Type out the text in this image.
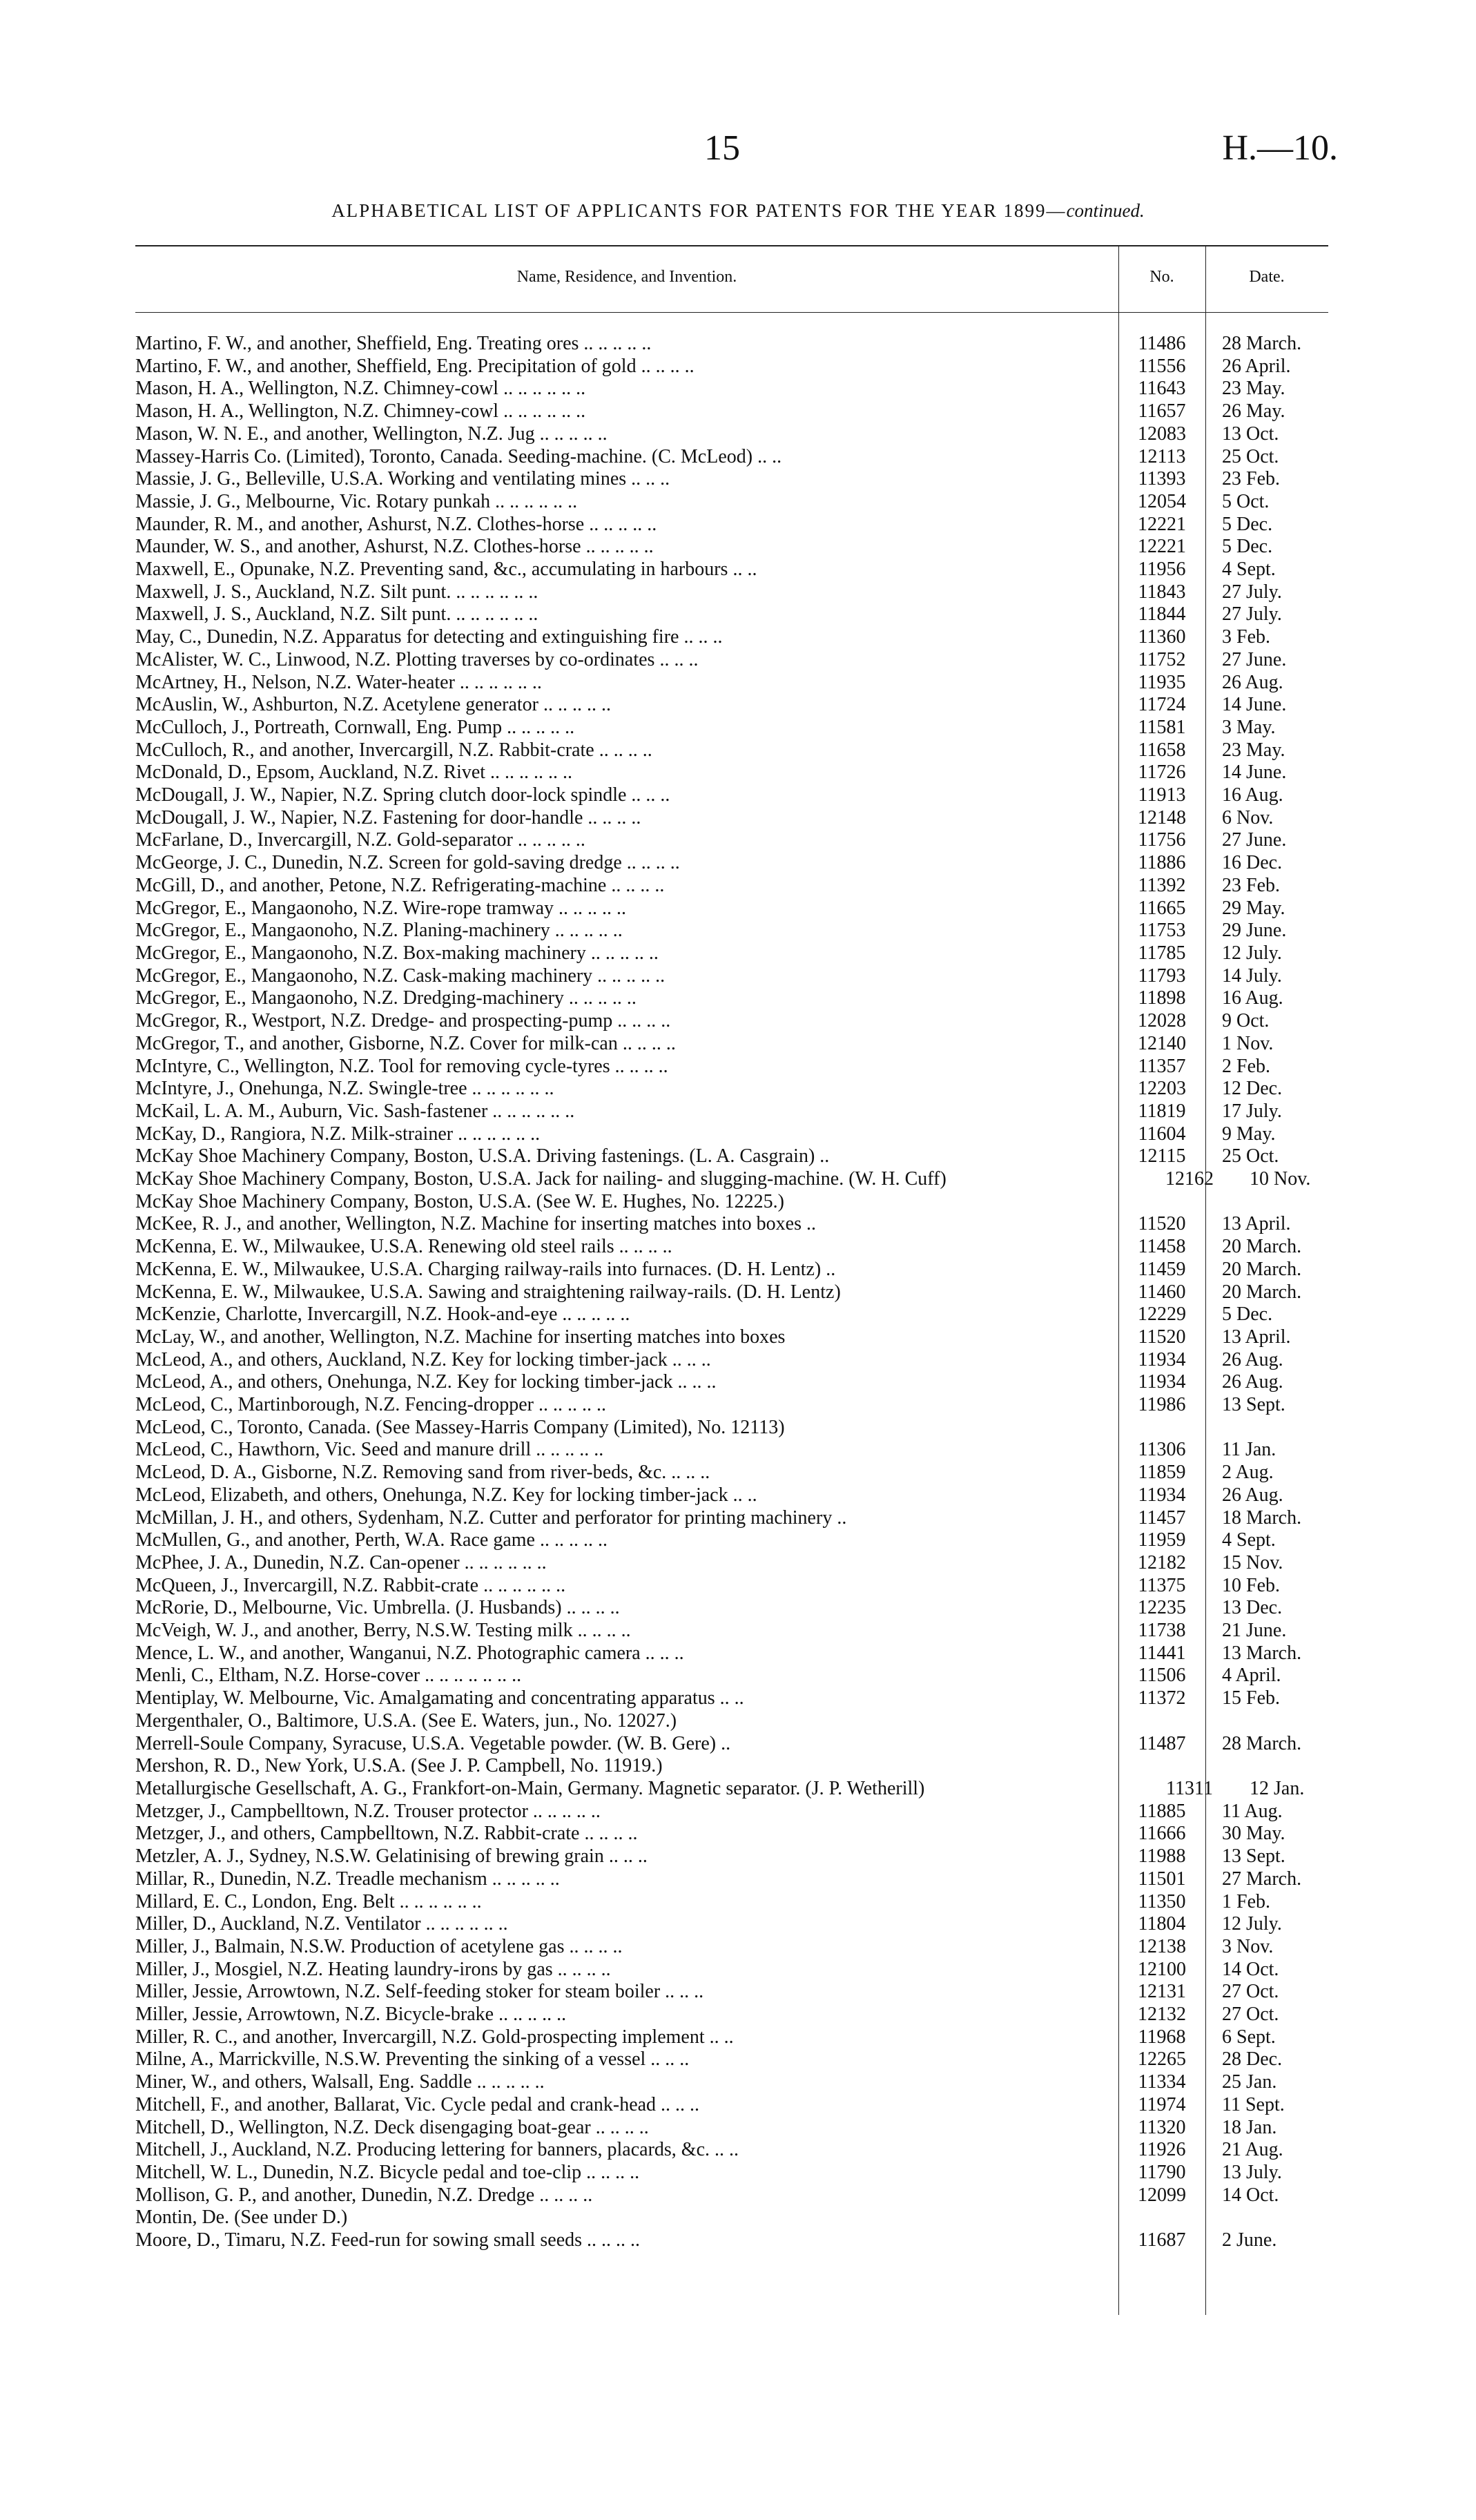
15	H.—10.
ALPHABETICAL LIST OF APPLICANTS FOR PATENTS FOR THE YEAR 1899—continued.
Name, Residence, and Invention.	No.	Date.
Martino, F. W., and another, Sheffield, Eng. Treating ores .. .. .. .. ..	11486	28 March.
Martino, F. W., and another, Sheffield, Eng. Precipitation of gold .. .. .. ..	11556	26 April.
Mason, H. A., Wellington, N.Z. Chimney-cowl .. .. .. .. .. ..	11643	23 May.
Mason, H. A., Wellington, N.Z. Chimney-cowl .. .. .. .. .. ..	11657	26 May.
Mason, W. N. E., and another, Wellington, N.Z. Jug .. .. .. .. ..	12083	13 Oct.
Massey-Harris Co. (Limited), Toronto, Canada. Seeding-machine. (C. McLeod) .. ..	12113	25 Oct.
Massie, J. G., Belleville, U.S.A. Working and ventilating mines .. .. ..	11393	23 Feb.
Massie, J. G., Melbourne, Vic. Rotary punkah .. .. .. .. .. ..	12054	5 Oct.
Maunder, R. M., and another, Ashurst, N.Z. Clothes-horse .. .. .. .. ..	12221	5 Dec.
Maunder, W. S., and another, Ashurst, N.Z. Clothes-horse .. .. .. .. ..	12221	5 Dec.
Maxwell, E., Opunake, N.Z. Preventing sand, &c., accumulating in harbours .. ..	11956	4 Sept.
Maxwell, J. S., Auckland, N.Z. Silt punt. .. .. .. .. .. ..	11843	27 July.
Maxwell, J. S., Auckland, N.Z. Silt punt. .. .. .. .. .. ..	11844	27 July.
May, C., Dunedin, N.Z. Apparatus for detecting and extinguishing fire .. .. ..	11360	3 Feb.
McAlister, W. C., Linwood, N.Z. Plotting traverses by co-ordinates .. .. ..	11752	27 June.
McArtney, H., Nelson, N.Z. Water-heater .. .. .. .. .. ..	11935	26 Aug.
McAuslin, W., Ashburton, N.Z. Acetylene generator .. .. .. .. ..	11724	14 June.
McCulloch, J., Portreath, Cornwall, Eng. Pump .. .. .. .. ..	11581	3 May.
McCulloch, R., and another, Invercargill, N.Z. Rabbit-crate .. .. .. ..	11658	23 May.
McDonald, D., Epsom, Auckland, N.Z. Rivet .. .. .. .. .. ..	11726	14 June.
McDougall, J. W., Napier, N.Z. Spring clutch door-lock spindle .. .. ..	11913	16 Aug.
McDougall, J. W., Napier, N.Z. Fastening for door-handle .. .. .. ..	12148	6 Nov.
McFarlane, D., Invercargill, N.Z. Gold-separator .. .. .. .. ..	11756	27 June.
McGeorge, J. C., Dunedin, N.Z. Screen for gold-saving dredge .. .. .. ..	11886	16 Dec.
McGill, D., and another, Petone, N.Z. Refrigerating-machine .. .. .. ..	11392	23 Feb.
McGregor, E., Mangaonoho, N.Z. Wire-rope tramway .. .. .. .. ..	11665	29 May.
McGregor, E., Mangaonoho, N.Z. Planing-machinery .. .. .. .. ..	11753	29 June.
McGregor, E., Mangaonoho, N.Z. Box-making machinery .. .. .. .. ..	11785	12 July.
McGregor, E., Mangaonoho, N.Z. Cask-making machinery .. .. .. .. ..	11793	14 July.
McGregor, E., Mangaonoho, N.Z. Dredging-machinery .. .. .. .. ..	11898	16 Aug.
McGregor, R., Westport, N.Z. Dredge- and prospecting-pump .. .. .. ..	12028	9 Oct.
McGregor, T., and another, Gisborne, N.Z. Cover for milk-can .. .. .. ..	12140	1 Nov.
McIntyre, C., Wellington, N.Z. Tool for removing cycle-tyres .. .. .. ..	11357	2 Feb.
McIntyre, J., Onehunga, N.Z. Swingle-tree .. .. .. .. .. ..	12203	12 Dec.
McKail, L. A. M., Auburn, Vic. Sash-fastener .. .. .. .. .. ..	11819	17 July.
McKay, D., Rangiora, N.Z. Milk-strainer .. .. .. .. .. ..	11604	9 May.
McKay Shoe Machinery Company, Boston, U.S.A. Driving fastenings. (L. A. Casgrain) ..	12115	25 Oct.
McKay Shoe Machinery Company, Boston, U.S.A. Jack for nailing- and slugging-machine. (W. H. Cuff)	12162	10 Nov.
McKay Shoe Machinery Company, Boston, U.S.A. (See W. E. Hughes, No. 12225.)
McKee, R. J., and another, Wellington, N.Z. Machine for inserting matches into boxes ..	11520	13 April.
McKenna, E. W., Milwaukee, U.S.A. Renewing old steel rails .. .. .. ..	11458	20 March.
McKenna, E. W., Milwaukee, U.S.A. Charging railway-rails into furnaces. (D. H. Lentz) ..	11459	20 March.
McKenna, E. W., Milwaukee, U.S.A. Sawing and straightening railway-rails. (D. H. Lentz)	11460	20 March.
McKenzie, Charlotte, Invercargill, N.Z. Hook-and-eye .. .. .. .. ..	12229	5 Dec.
McLay, W., and another, Wellington, N.Z. Machine for inserting matches into boxes	11520	13 April.
McLeod, A., and others, Auckland, N.Z. Key for locking timber-jack .. .. ..	11934	26 Aug.
McLeod, A., and others, Onehunga, N.Z. Key for locking timber-jack .. .. ..	11934	26 Aug.
McLeod, C., Martinborough, N.Z. Fencing-dropper .. .. .. .. ..	11986	13 Sept.
McLeod, C., Toronto, Canada. (See Massey-Harris Company (Limited), No. 12113)
McLeod, C., Hawthorn, Vic. Seed and manure drill .. .. .. .. ..	11306	11 Jan.
McLeod, D. A., Gisborne, N.Z. Removing sand from river-beds, &c. .. .. ..	11859	2 Aug.
McLeod, Elizabeth, and others, Onehunga, N.Z. Key for locking timber-jack .. ..	11934	26 Aug.
McMillan, J. H., and others, Sydenham, N.Z. Cutter and perforator for printing machinery ..	11457	18 March.
McMullen, G., and another, Perth, W.A. Race game .. .. .. .. ..	11959	4 Sept.
McPhee, J. A., Dunedin, N.Z. Can-opener .. .. .. .. .. ..	12182	15 Nov.
McQueen, J., Invercargill, N.Z. Rabbit-crate .. .. .. .. .. ..	11375	10 Feb.
McRorie, D., Melbourne, Vic. Umbrella. (J. Husbands) .. .. .. ..	12235	13 Dec.
McVeigh, W. J., and another, Berry, N.S.W. Testing milk .. .. .. ..	11738	21 June.
Mence, L. W., and another, Wanganui, N.Z. Photographic camera .. .. ..	11441	13 March.
Menli, C., Eltham, N.Z. Horse-cover .. .. .. .. .. .. ..	11506	4 April.
Mentiplay, W. Melbourne, Vic. Amalgamating and concentrating apparatus .. ..	11372	15 Feb.
Mergenthaler, O., Baltimore, U.S.A. (See E. Waters, jun., No. 12027.)
Merrell-Soule Company, Syracuse, U.S.A. Vegetable powder. (W. B. Gere) ..	11487	28 March.
Mershon, R. D., New York, U.S.A. (See J. P. Campbell, No. 11919.)
Metallurgische Gesellschaft, A. G., Frankfort-on-Main, Germany. Magnetic separator. (J. P. Wetherill)	11311	12 Jan.
Metzger, J., Campbelltown, N.Z. Trouser protector .. .. .. .. ..	11885	11 Aug.
Metzger, J., and others, Campbelltown, N.Z. Rabbit-crate .. .. .. ..	11666	30 May.
Metzler, A. J., Sydney, N.S.W. Gelatinising of brewing grain .. .. ..	11988	13 Sept.
Millar, R., Dunedin, N.Z. Treadle mechanism .. .. .. .. ..	11501	27 March.
Millard, E. C., London, Eng. Belt .. .. .. .. .. ..	11350	1 Feb.
Miller, D., Auckland, N.Z. Ventilator .. .. .. .. .. ..	11804	12 July.
Miller, J., Balmain, N.S.W. Production of acetylene gas .. .. .. ..	12138	3 Nov.
Miller, J., Mosgiel, N.Z. Heating laundry-irons by gas .. .. .. ..	12100	14 Oct.
Miller, Jessie, Arrowtown, N.Z. Self-feeding stoker for steam boiler .. .. ..	12131	27 Oct.
Miller, Jessie, Arrowtown, N.Z. Bicycle-brake .. .. .. .. ..	12132	27 Oct.
Miller, R. C., and another, Invercargill, N.Z. Gold-prospecting implement .. ..	11968	6 Sept.
Milne, A., Marrickville, N.S.W. Preventing the sinking of a vessel .. .. ..	12265	28 Dec.
Miner, W., and others, Walsall, Eng. Saddle .. .. .. .. ..	11334	25 Jan.
Mitchell, F., and another, Ballarat, Vic. Cycle pedal and crank-head .. .. ..	11974	11 Sept.
Mitchell, D., Wellington, N.Z. Deck disengaging boat-gear .. .. .. ..	11320	18 Jan.
Mitchell, J., Auckland, N.Z. Producing lettering for banners, placards, &c. .. ..	11926	21 Aug.
Mitchell, W. L., Dunedin, N.Z. Bicycle pedal and toe-clip .. .. .. ..	11790	13 July.
Mollison, G. P., and another, Dunedin, N.Z. Dredge .. .. .. ..	12099	14 Oct.
Montin, De. (See under D.)
Moore, D., Timaru, N.Z. Feed-run for sowing small seeds .. .. .. ..	11687	2 June.
